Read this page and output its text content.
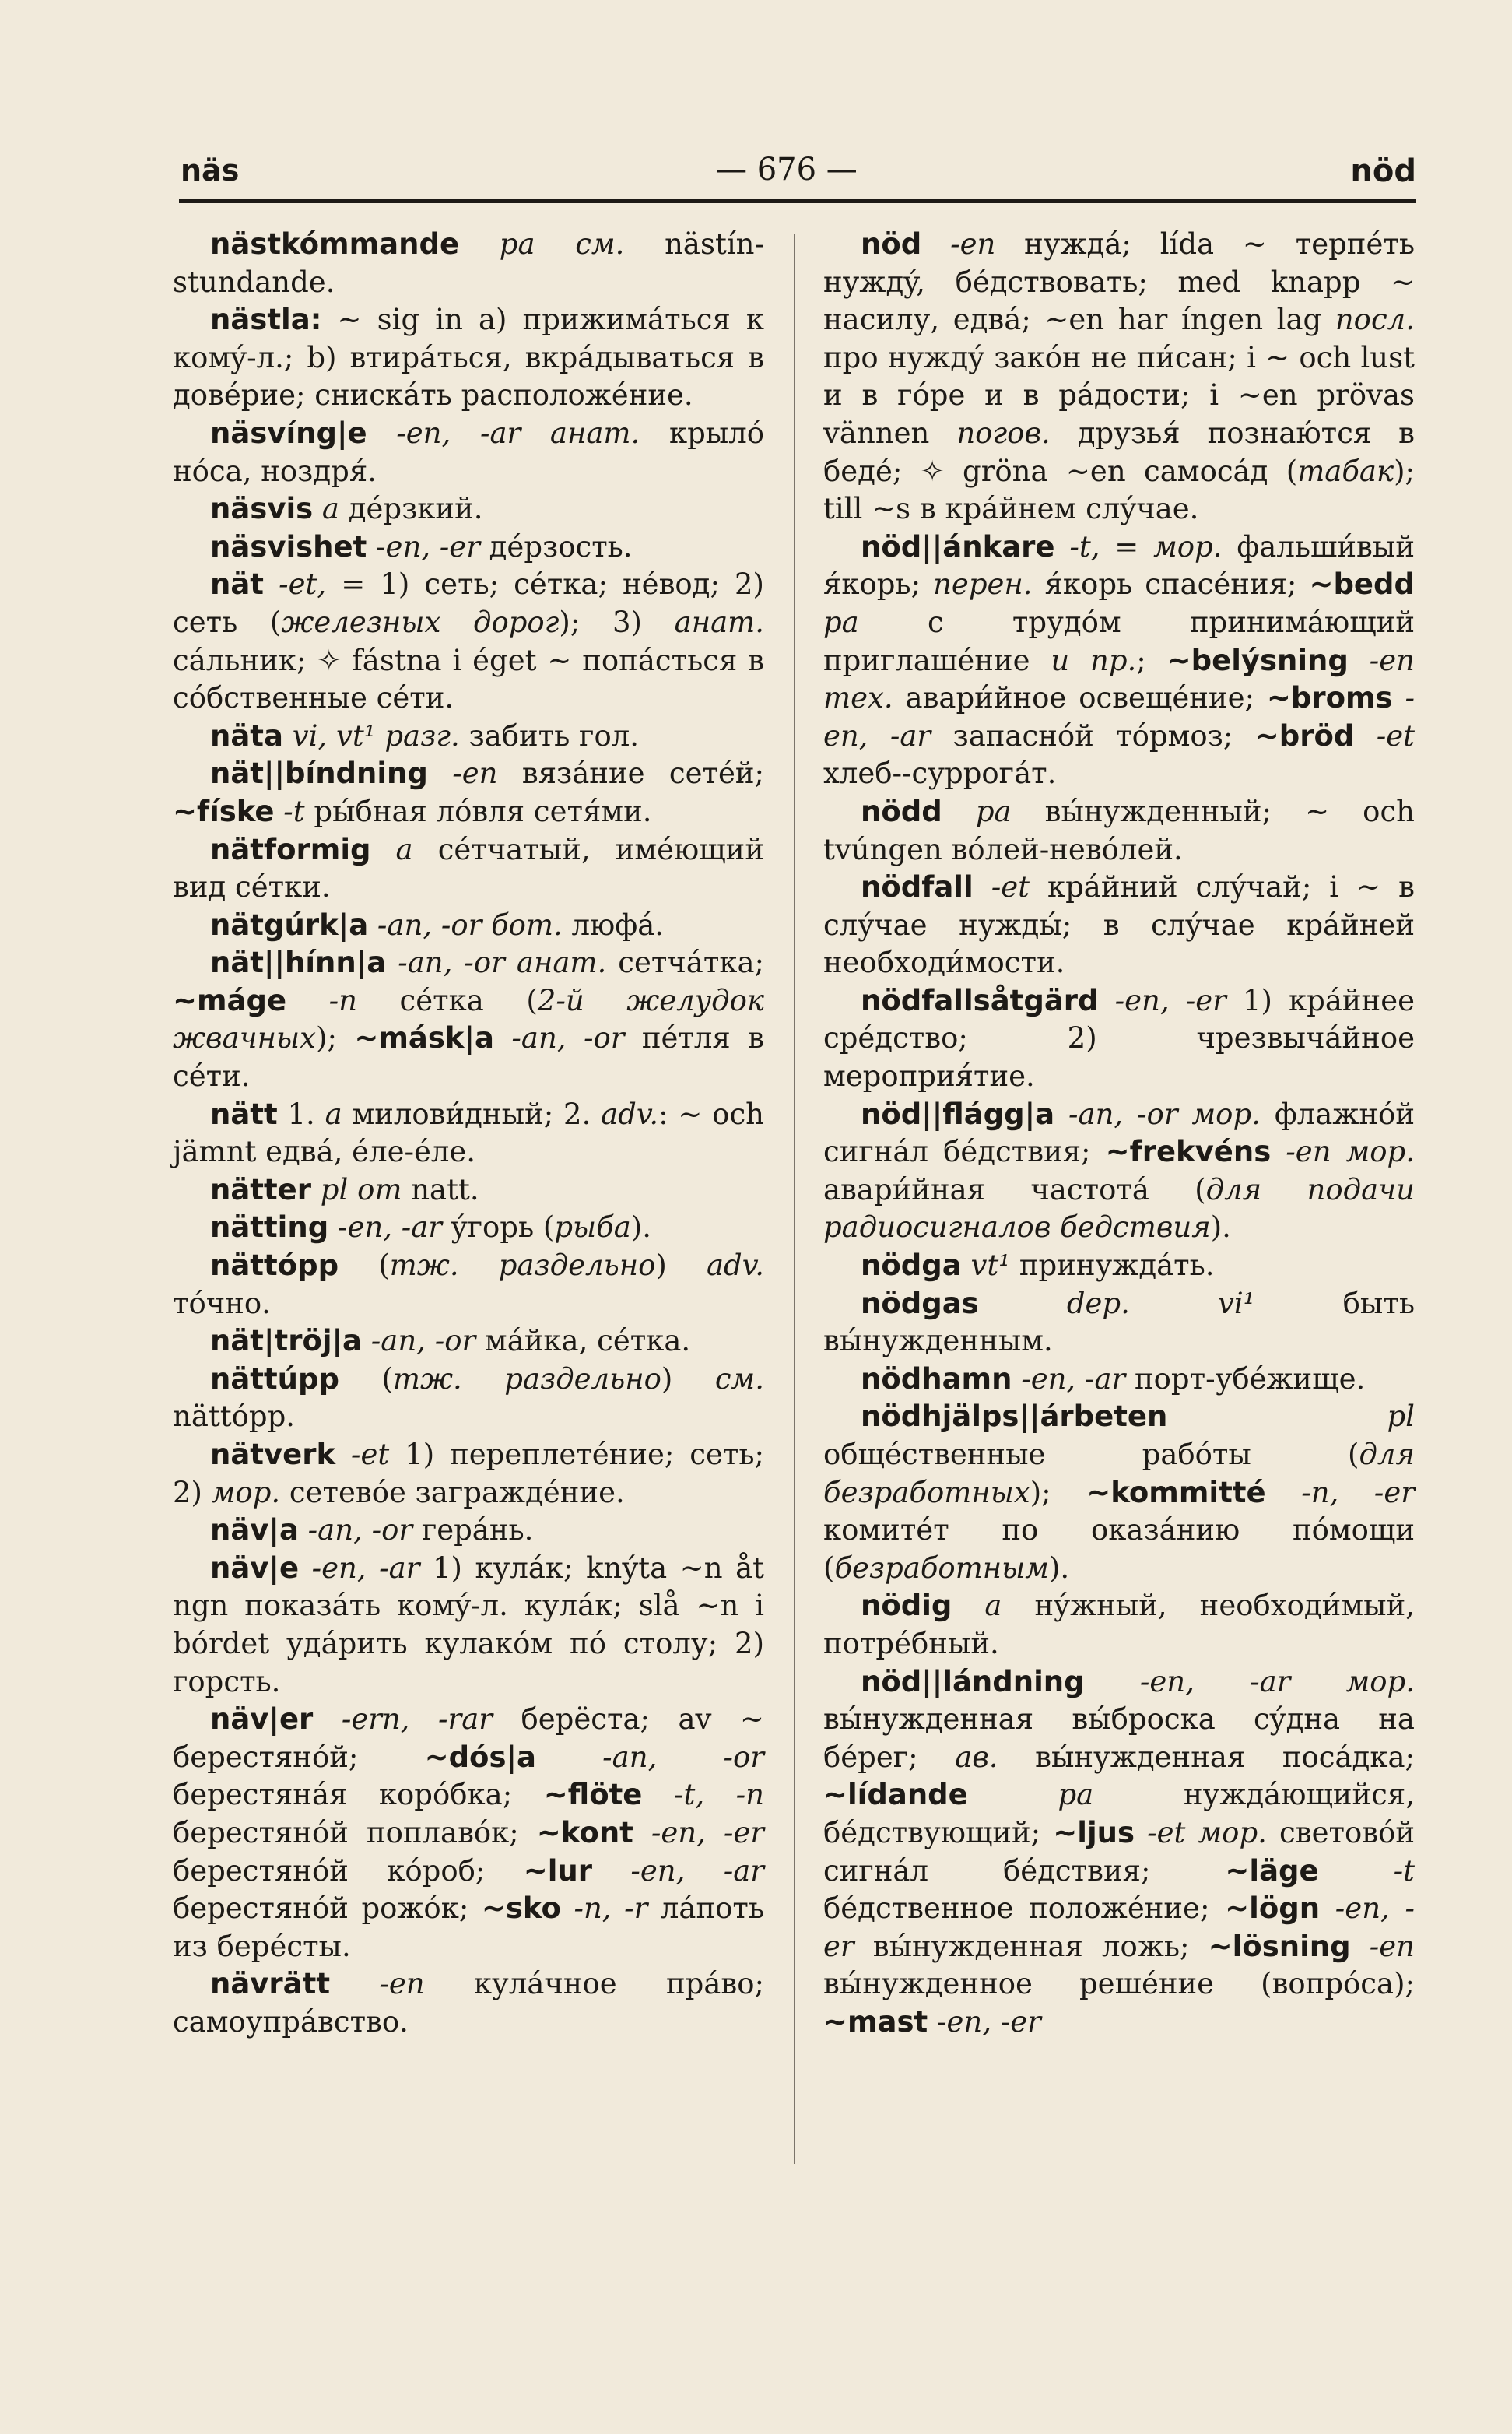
näs	— 676 —	nöd

nästkómmande pa см. nästín-stundande.

nästla: ~ sig in a) прижимáться к комý-л.; b) втирáться, вкрáдываться в довéрие; снискáть расположéние.

näsvíng|e -en, -ar анат. крылó нóса, ноздря́.

näsvis a дéрзкий.

näsvishet -en, -er дéрзость.

nät -et, = 1) сеть; сéтка; нéвод; 2) сеть (железных дорог); 3) анат. сáльник; ✧ fástna i éget ~ попáсться в сóбственные сéти.

näta vi, vt¹ разг. забить гол.

nät||bíndning -en вязáние сетéй; ~físke -t ры́бная лóвля сетя́ми.

nätformig a сéтчатый, имéющий вид сéтки.

nätgúrk|a -an, -or бот. люфá.

nät||hínn|a -an, -or анат. сетчáтка; ~máge -n сéтка (2-й желудок жвачных); ~másk|a -an, -or пéтля в сéти.

nätt 1. a милови́дный; 2. adv.: ~ och jämnt едвá, éле-éле.

nätter pl от natt.

nätting -en, -ar ýгорь (рыба).

nättópp (тж. раздельно) adv. тóчно.

nät|tröj|a -an, -or мáйка, сéтка.

nättúpp (тж. раздельно) см. nättópp.

nätverk -et 1) переплетéние; сеть; 2) мор. сетевóе заграждéние.

näv|a -an, -or герáнь.

näv|e -en, -ar 1) кулáк; knýta ~n åt ngn показáть комý-л. кулáк; slå ~n i bórdet удáрить кулакóм пó столу; 2) горсть.

näv|er -ern, -rar берёста; av ~ берестянóй; ~dós|a -an, -or берестянáя корóбка; ~flöte -t, -n берестянóй поплавóк; ~kont -en, -er берестянóй кóроб; ~lur -en, -ar берестянóй рожóк; ~sko -n, -r лáпоть из берéсты.

nävrätt -en кулáчное прáво; самоупрáвство.

nöd -en нуждá; lída ~ терпéть нуждý, бéдствовать; med knapp ~ насилу, едвá; ~en har íngen lag посл. про нуждý закóн не пи́сан; i ~ och lust и в гóре и в рáдости; i ~en prövas vännen погов. друзья́ познаю́тся в бедé; ✧ gröna ~en самосáд (табак); till ~s в крáйнем слýчае.

nöd||ánkare -t, = мор. фальши́вый я́корь; перен. я́корь спасéния; ~bedd pa с трудóм принимáющий приглашéние и пр.; ~belýsning -en тех. авари́йное освещéние; ~broms -en, -ar запаснóй тóрмоз; ~bröd -et хлеб--суррогáт.

nödd pa вы́нужденный; ~ och tvúngen вóлей-невóлей.

nödfall -et крáйний слýчай; i ~ в слýчае нужды́; в слýчае крáйней необходи́мости.

nödfallsåtgärd -en, -er 1) крáйнее срéдство; 2) чрезвычáйное мероприя́тие.

nöd||flágg|a -an, -or мор. флажнóй сигнáл бéдствия; ~frekvéns -en мор. авари́йная частотá (для подачи радиосигналов бедствия).

nödga vt¹ принуждáть.

nödgas dep. vi¹ быть вы́нужденным.

nödhamn -en, -ar порт-убéжище.

nödhjälps||árbeten pl общéственные рабóты (для безработных); ~kommitté -n, -er комитéт по оказáнию пóмощи (безработным).

nödig a нýжный, необходи́мый, потрéбный.

nöd||lándning -en, -ar мор. вы́нужденная вы́броска сýдна на бéрег; ав. вы́нужденная посáдка; ~lídande pa нуждáющийся, бéдствующий; ~ljus -et мор. световóй сигнáл бéдствия; ~läge -t бéдственное положéние; ~lögn -en, -er вы́нужденная ложь; ~lösning -en вы́нужденное решéние (вопрóса); ~mast -en, -er
